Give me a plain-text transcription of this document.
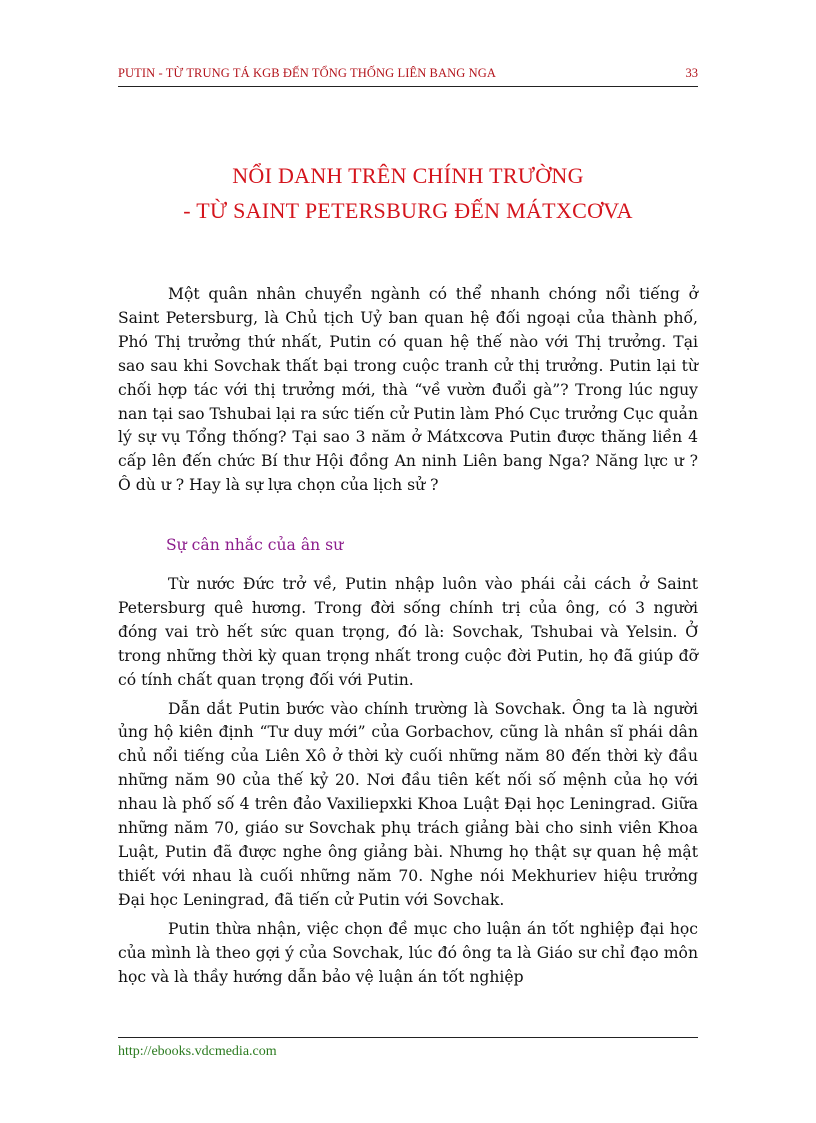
PUTIN - TỪ TRUNG TÁ KGB ĐẾN TỔNG THỐNG LIÊN BANG NGA	33
NỔI DANH TRÊN CHÍNH TRƯỜNG
- TỪ SAINT PETERSBURG ĐẾN MÁTXCƠVA

Một quân nhân chuyển ngành có thể nhanh chóng nổi tiếng ở Saint Petersburg, là Chủ tịch Uỷ ban quan hệ đối ngoại của thành phố, Phó Thị trưởng thứ nhất, Putin có quan hệ thế nào với Thị trưởng. Tại sao sau khi Sovchak thất bại trong cuộc tranh cử thị trưởng. Putin lại từ chối hợp tác với thị trưởng mới, thà “về vườn đuổi gà”? Trong lúc nguy nan tại sao Tshubai lại ra sức tiến cử Putin làm Phó Cục trưởng Cục quản lý sự vụ Tổng thống? Tại sao 3 năm ở Mátxcơva Putin được thăng liền 4 cấp lên đến chức Bí thư Hội đồng An ninh Liên bang Nga? Năng lực ư ? Ô dù ư ? Hay là sự lựa chọn của lịch sử ?

Sự cân nhắc của ân sư

Từ nước Đức trở về, Putin nhập luôn vào phái cải cách ở Saint Petersburg quê hương. Trong đời sống chính trị của ông, có 3 người đóng vai trò hết sức quan trọng, đó là: Sovchak, Tshubai và Yelsin. Ở trong những thời kỳ quan trọng nhất trong cuộc đời Putin, họ đã giúp đỡ có tính chất quan trọng đối với Putin.

Dẫn dắt Putin bước vào chính trường là Sovchak. Ông ta là người ủng hộ kiên định “Tư duy mới” của Gorbachov, cũng là nhân sĩ phái dân chủ nổi tiếng của Liên Xô ở thời kỳ cuối những năm 80 đến thời kỳ đầu những năm 90 của thế kỷ 20. Nơi đầu tiên kết nối số mệnh của họ với nhau là phố số 4 trên đảo Vaxiliepxki Khoa Luật Đại học Leningrad. Giữa những năm 70, giáo sư Sovchak phụ trách giảng bài cho sinh viên Khoa Luật, Putin đã được nghe ông giảng bài. Nhưng họ thật sự quan hệ mật thiết với nhau là cuối những năm 70. Nghe nói Mekhuriev hiệu trưởng Đại học Leningrad, đã tiến cử Putin với Sovchak.

Putin thừa nhận, việc chọn đề mục cho luận án tốt nghiệp đại học của mình là theo gợi ý của Sovchak, lúc đó ông ta là Giáo sư chỉ đạo môn học và là thầy hướng dẫn bảo vệ luận án tốt nghiệp

http://ebooks.vdcmedia.com
